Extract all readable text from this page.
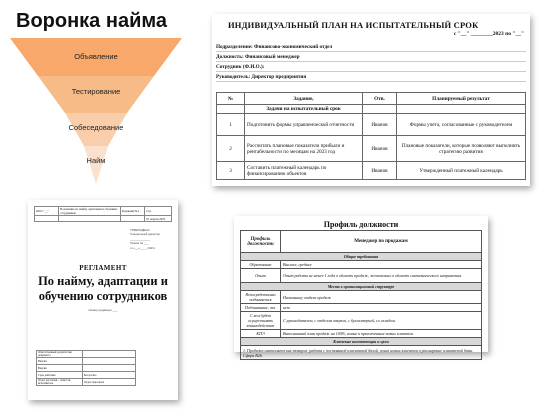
Воронка найма
Объявление
Тестирование
Собеседование
Найм
ИНДИВИДУАЛЬНЫЙ ПЛАН НА ИСПЫТАТЕЛЬНЫЙ СРОК
с "__" ________2023 по "__"
Подразделение: Финансово-экономический отдел
Должность: Финансовый менеджер
Сотрудник (Ф.И.О.):
Руководитель: Директор предприятия
№	Задание,	Отв.	Планируемый результат
	Задачи на испытательный срок		
1	Подготовить формы управленческой отчетности	Иванов	Формы учета, согласованные с руководителем
2	Рассчитать плановые показатели прибыли и рентабельности по месяцам на 2023 год	Иванов	Плановые показатели, которые позволяют выполнить стратегию развития
3	Составить платежный календарь по финансированию объектов	Иванов	Утвержденный платежный календарь
ООО "__"	Положение по найму, адаптации и обучению сотрудников	Редакция №1	Стр.
			01 апреля 2023
УТВЕРЖДЕНО
Генеральный директор
_____________
Приказ № ___
от «__» ____ 2023 г.
РЕГЛАМЕНТ
По найму, адаптации и обучению сотрудников
Номер редакции ___
Ответственный разработчик документа	
Версия	
Версия	
Срок действия	Бессрочно
Отдел рассылки – ответств. исполнитель	Отдел персонала
Профиль должности
Профиль должности	Менеджер по продажам
Общие требования	
Образование	Высшее, среднее
Опыт	Опыт работы не менее 1 года в области продаж, желательно в области сантехнического направления.
Место в организационной структуре	
Непосредственно подчиняется	Начальнику отдела продаж
Подчиненные, чел.	нет
С кем будет осуществлять взаимодействие	С руководителем, с отделом закупок, с бухгалтерией, со складом.
КПЭ	Выполненный план продаж на 100%, новые и привлеченные новых клиентов.
Ключевые компетенции и цели	
1. Продажа сантехнических товаров: работа с постоянной клиентской базой, поиск новых клиентов и расширение клиентской базы. Сфера B2b.	
